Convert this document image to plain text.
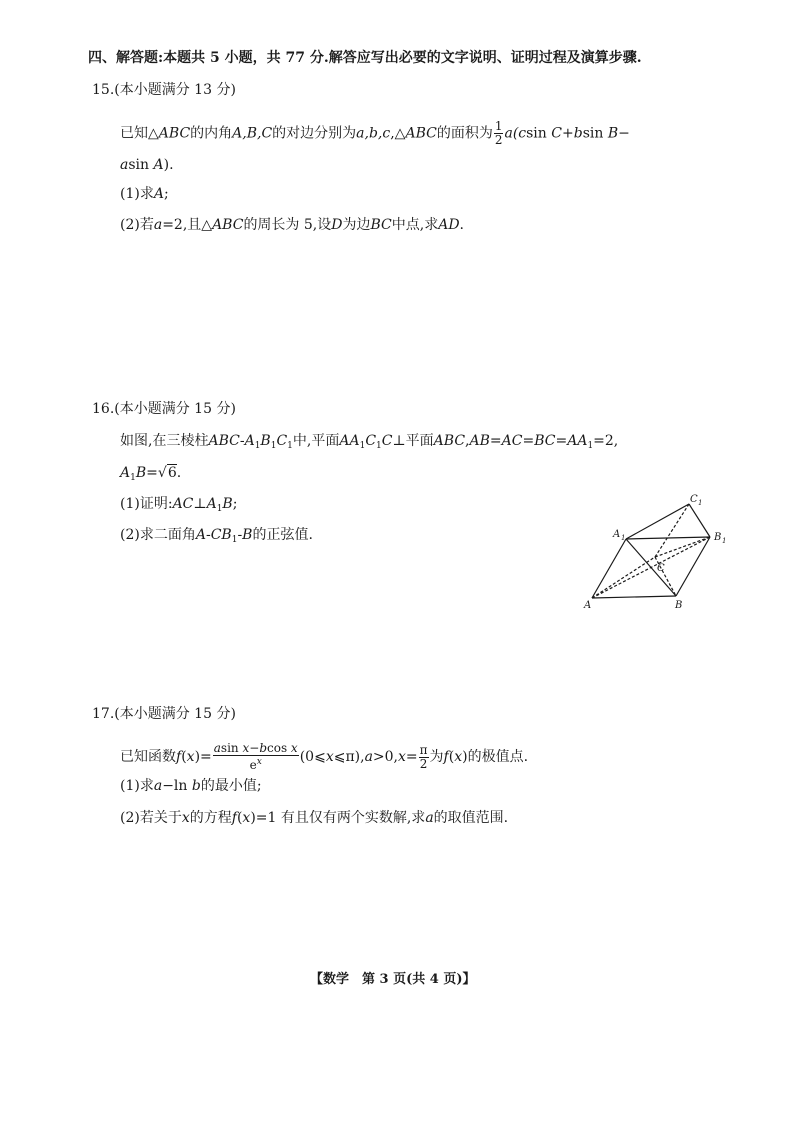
四、解答题:本题共 5 小题，共 77 分.解答应写出必要的文字说明、证明过程及演算步骤.
15.(本小题满分 13 分)
已知△ABC的内角A,B,C的对边分别为a,b,c,△ABC的面积为 $\frac{1}{2} a(csin$ C+bsin B−
asin A).
(1)求A;
(2)若a=2,且△ABC的周长为 5,设D为边BC中点,求AD.
16.(本小题满分 15 分)
如图,在三棱柱ABC-$A_1B_1C_1$中,平面$AA_1C_1C\perp$平面$ABC,AB=AC=BC=AA_1=2$,
$A_1B=√6$.
(1)证明$:AC\perp A_1B$;
(2)求二面角$A-CB_1-B$的正弦值.
A	B
C
A 1	B 1
C 1
17.(本小题满分 15 分)
已知函数$f(x)= \frac{\text{asin x−bcos x}}{e^x}$ (0⩽x⩽π),a>0,x= $\frac{\pi}{2}$ 为f(x)的极值点.
(1)求a−ln b的最小值;
(2)若关于x的方程f(x)=1 有且仅有两个实数解,求a的取值范围.
【数学　第 3 页(共 4 页)】
